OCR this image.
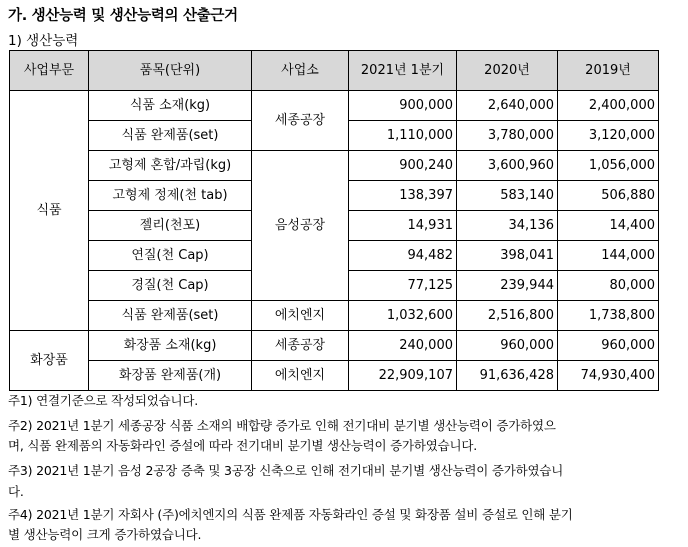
가. 생산능력 및 생산능력의 산출근거
1) 생산능력
사업부문	품목(단위)	사업소	2021년 1분기	2020년	2019년
식품	식품 소재(kg)	세종공장	900,000	2,640,000	2,400,000
	식품 완제품(set)		1,110,000	3,780,000	3,120,000
	고형제 혼합/과립(kg)	음성공장	900,240	3,600,960	1,056,000
	고형제 정제(천 tab)		138,397	583,140	506,880
	젤리(천포)		14,931	34,136	14,400
	연질(천 Cap)		94,482	398,041	144,000
	경질(천 Cap)		77,125	239,944	80,000
	식품 완제품(set)	에치엔지	1,032,600	2,516,800	1,738,800
화장품	화장품 소재(kg)	세종공장	240,000	960,000	960,000
	화장품 완제품(개)	에치엔지	22,909,107	91,636,428	74,930,400
주1) 연결기준으로 작성되었습니다.
주2) 2021년 1분기 세종공장 식품 소재의 배합량 증가로 인해 전기대비 분기별 생산능력이 증가하였으
며, 식품 완제품의 자동화라인 증설에 따라 전기대비 분기별 생산능력이 증가하였습니다.
주3) 2021년 1분기 음성 2공장 증축 및 3공장 신축으로 인해 전기대비 분기별 생산능력이 증가하였습니
다.
주4) 2021년 1분기 자회사 (주)에치엔지의 식품 완제품 자동화라인 증설 및 화장품 설비 증설로 인해 분기
별 생산능력이 크게 증가하였습니다.
